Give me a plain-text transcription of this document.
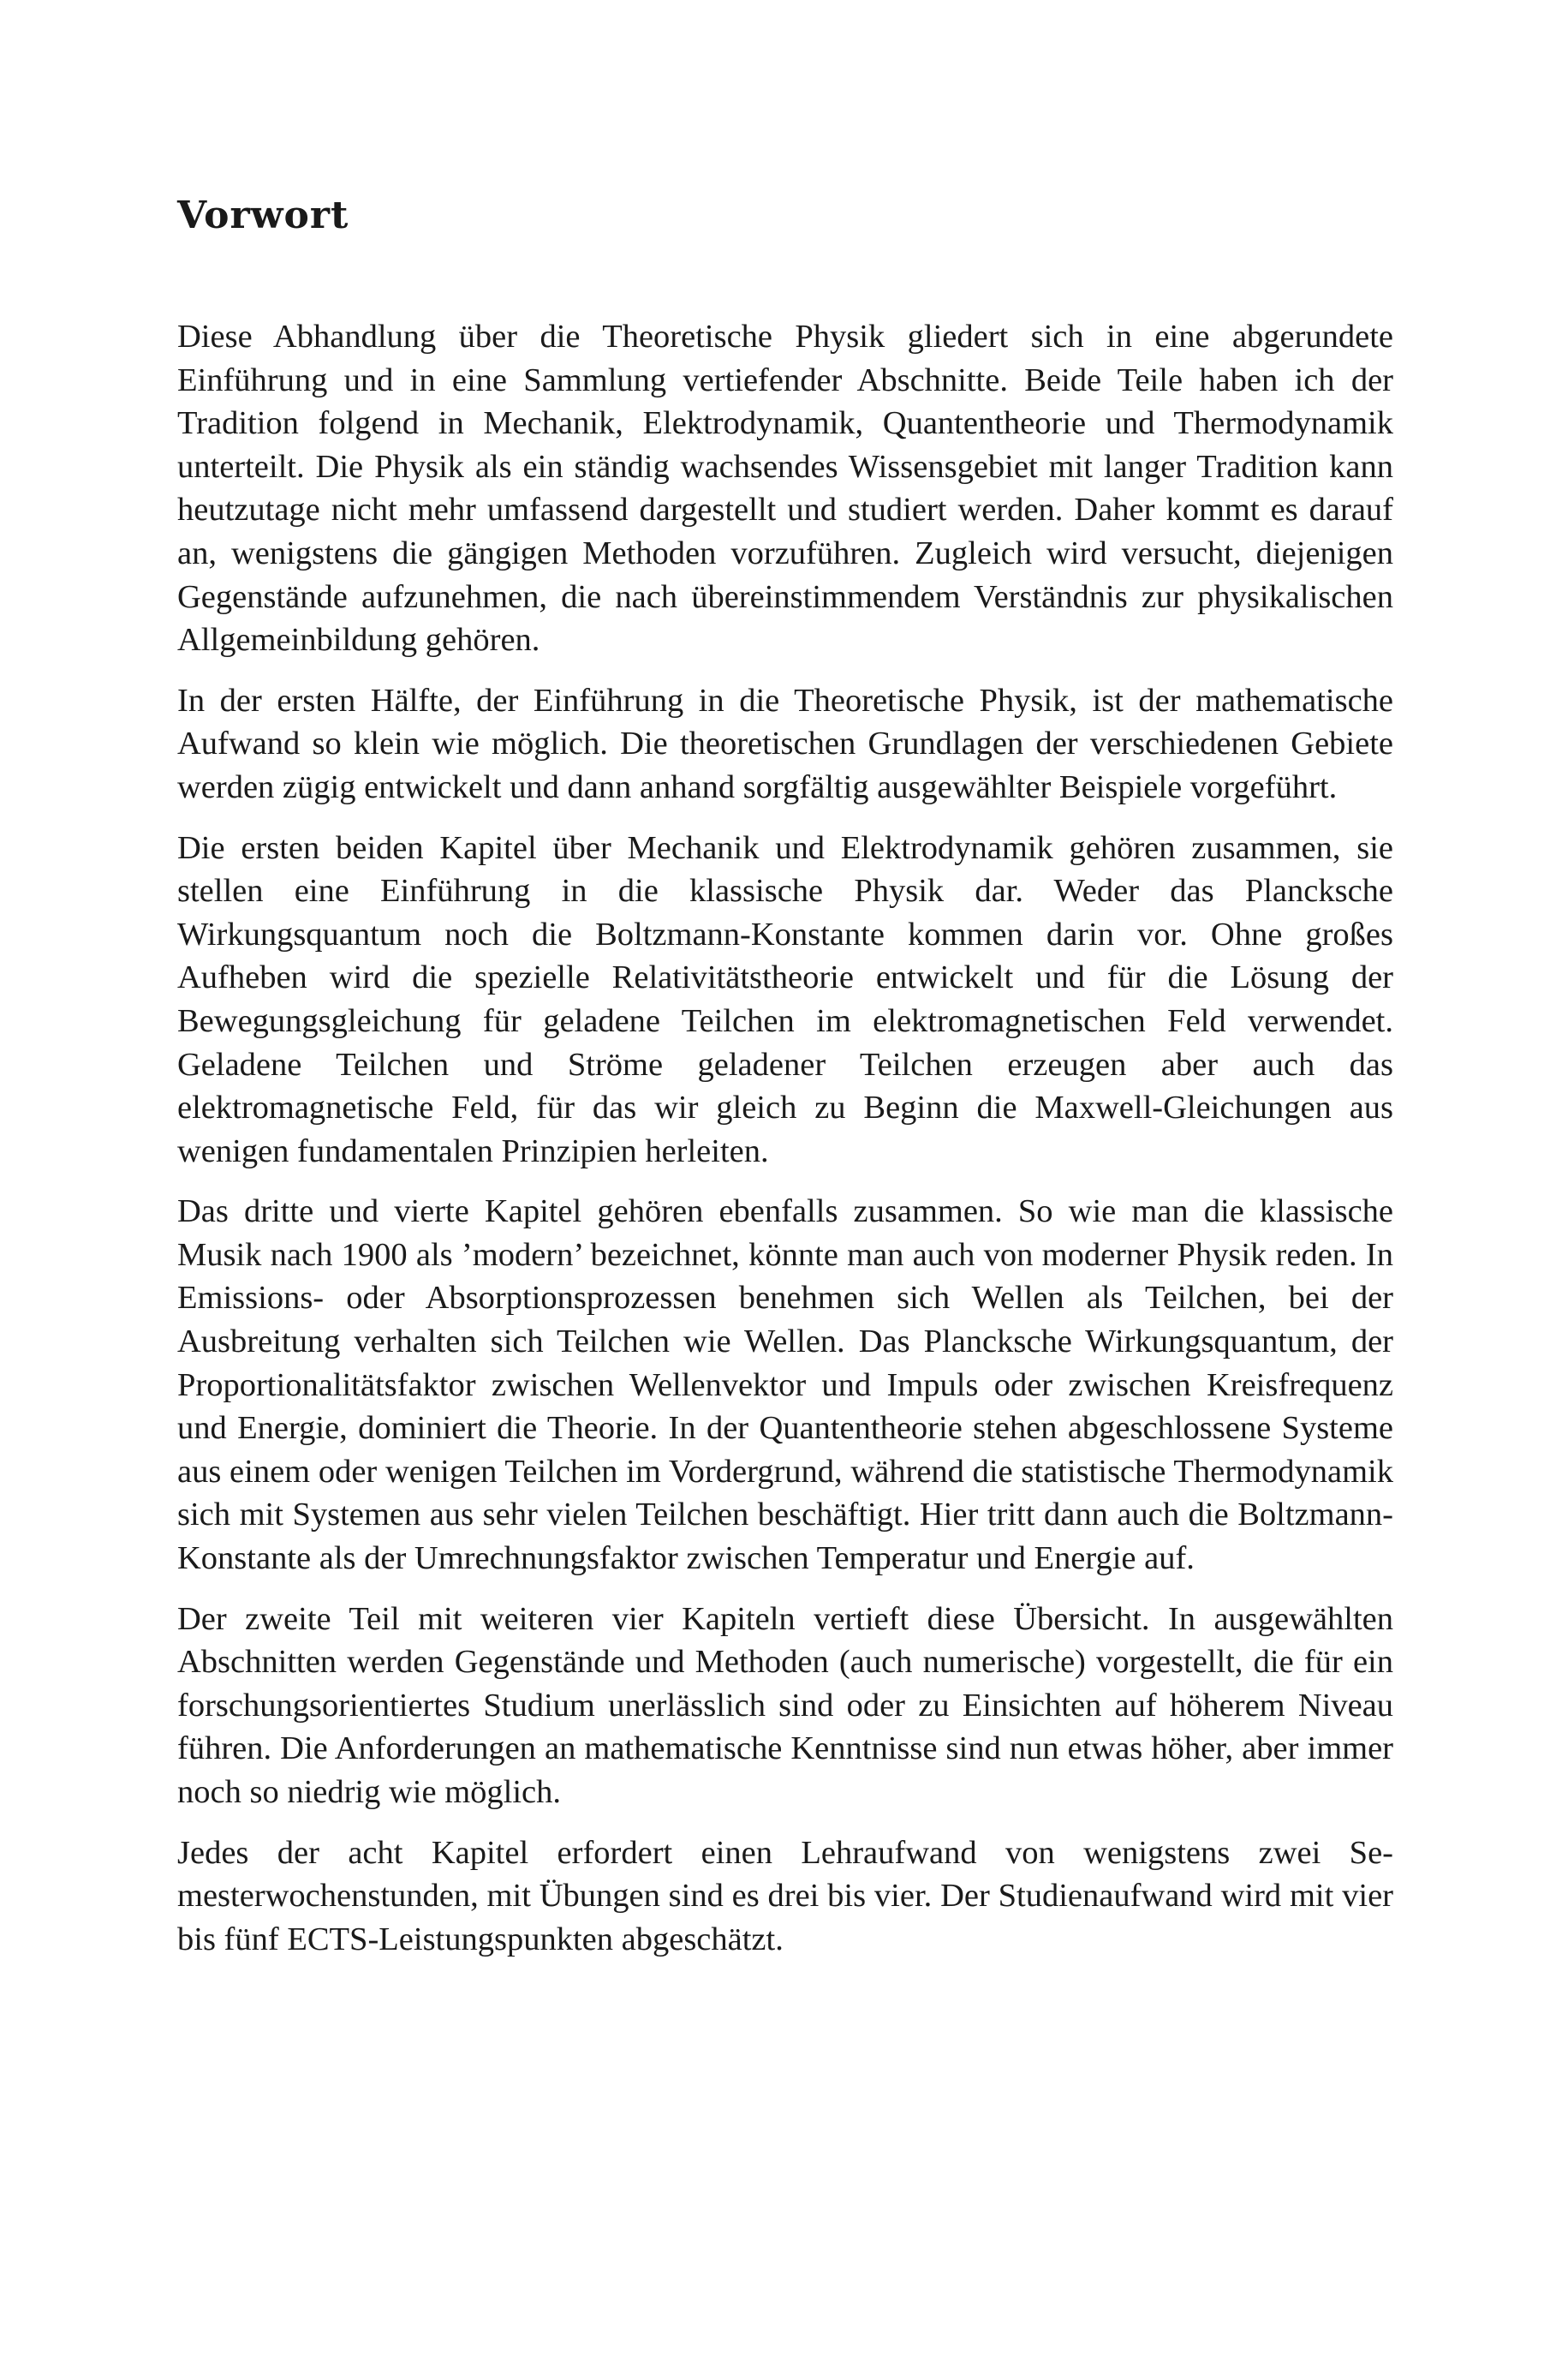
Vorwort

Diese Abhandlung über die Theoretische Physik gliedert sich in eine abgerundete Einführung und in eine Sammlung vertiefender Abschnitte. Beide Teile haben ich der Tradition folgend in Mechanik, Elektrodynamik, Quantentheorie und Thermodynamik unterteilt. Die Physik als ein ständig wachsendes Wissensgebiet mit langer Tradition kann heutzutage nicht mehr umfassend dargestellt und studiert werden. Daher kommt es darauf an, wenigstens die gängigen Methoden vorzuführen. Zugleich wird versucht, diejenigen Gegenstände aufzunehmen, die nach übereinstimmendem Verständnis zur physikalischen Allgemeinbildung gehören.

In der ersten Hälfte, der Einführung in die Theoretische Physik, ist der mathematische Aufwand so klein wie möglich. Die theoretischen Grundlagen der verschiedenen Gebiete werden zügig entwickelt und dann anhand sorgfältig ausgewählter Beispiele vorgeführt.

Die ersten beiden Kapitel über Mechanik und Elektrodynamik gehören zusammen, sie stellen eine Einführung in die klassische Physik dar. Weder das Plancksche Wirkungsquantum noch die Boltzmann-Konstante kommen darin vor. Ohne großes Aufheben wird die spezielle Relativitätstheorie entwickelt und für die Lösung der Bewegungsgleichung für geladene Teilchen im elektromagnetischen Feld verwendet. Geladene Teilchen und Ströme geladener Teilchen erzeugen aber auch das elektromagnetische Feld, für das wir gleich zu Beginn die Maxwell-Gleichungen aus wenigen fundamentalen Prinzipien herleiten.

Das dritte und vierte Kapitel gehören ebenfalls zusammen. So wie man die klassische Musik nach 1900 als ’modern’ bezeichnet, könnte man auch von moderner Physik reden. In Emissions- oder Absorptionsprozessen benehmen sich Wellen als Teilchen, bei der Ausbreitung verhalten sich Teilchen wie Wellen. Das Plancksche Wirkungsquantum, der Proportionalitätsfaktor zwischen Wellenvektor und Impuls oder zwischen Kreisfrequenz und Energie, dominiert die Theorie. In der Quantentheorie stehen abgeschlossene Systeme aus einem oder wenigen Teilchen im Vordergrund, während die statistische Thermodynamik sich mit Systemen aus sehr vielen Teilchen beschäftigt. Hier tritt dann auch die Boltzmann-Konstante als der Umrechnungsfaktor zwischen Temperatur und Energie auf.

Der zweite Teil mit weiteren vier Kapiteln vertieft diese Übersicht. In ausgewählten Abschnitten werden Gegenstände und Methoden (auch numerische) vorgestellt, die für ein forschungsorientiertes Studium unerlässlich sind oder zu Einsichten auf höherem Niveau führen. Die Anforderungen an mathematische Kenntnisse sind nun etwas höher, aber immer noch so niedrig wie möglich.

Jedes der acht Kapitel erfordert einen Lehraufwand von wenigstens zwei Semesterwochenstunden, mit Übungen sind es drei bis vier. Der Studienaufwand wird mit vier bis fünf ECTS-Leistungspunkten abgeschätzt.
